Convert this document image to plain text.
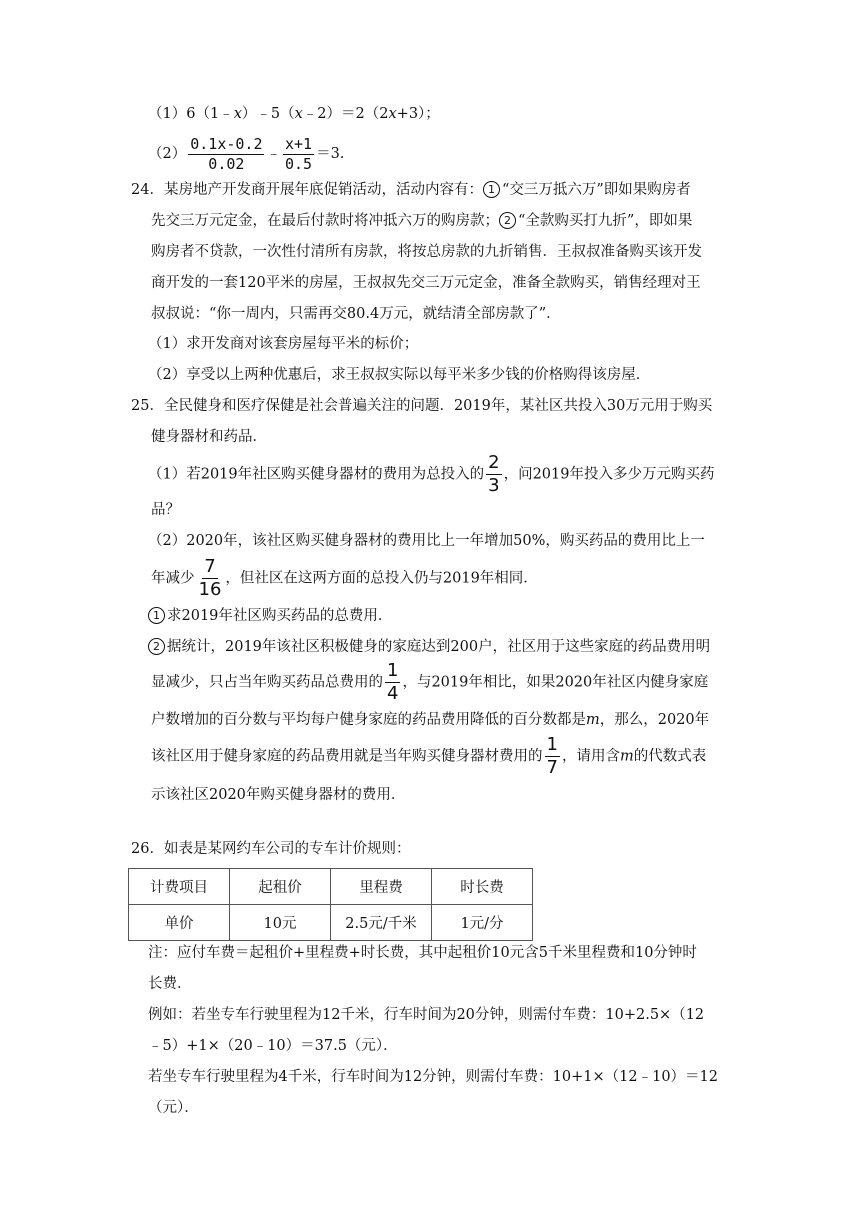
（1）6（1﹣x）﹣5（x﹣2）＝2（2x+3）；
$(2) \frac{0.1x-0.2}{0.02}$ ﹣ $\frac{x+1}{0.5} =3$.
24．某房地产开发商开展年底促销活动，活动内容有： 1 “交三万抵六万”即如果购房者
先交三万元定金，在最后付款时将冲抵六万的购房款； 2 “全款购买打九折”，即如果
购房者不贷款，一次性付清所有房款，将按总房款的九折销售．王叔叔准备购买该开发
商开发的一套120平米的房屋，王叔叔先交三万元定金，准备全款购买，销售经理对王
叔叔说：“你一周内，只需再交80.4万元，就结清全部房款了”．
（1）求开发商对该套房屋每平米的标价；
（2）享受以上两种优惠后，求王叔叔实际以每平米多少钱的价格购得该房屋．
25．全民健身和医疗保健是社会普遍关注的问题．2019年，某社区共投入30万元用于购买
健身器材和药品．
（1）若2019年社区购买健身器材的费用为总投入的 $\frac{2}{3}$ ，问2019年投入多少万元购买药
品？
（2）2020年，该社区购买健身器材的费用比上一年增加50%，购买药品的费用比上一
年减少 $\frac{7}{16}$ ，但社区在这两方面的总投入仍与2019年相同．
1 求2019年社区购买药品的总费用．
2 据统计，2019年该社区积极健身的家庭达到200户，社区用于这些家庭的药品费用明
显减少，只占当年购买药品总费用的 $\frac{1}{4}$ ，与2019年相比，如果2020年社区内健身家庭
户数增加的百分数与平均每户健身家庭的药品费用降低的百分数都是m，那么，2020年
该社区用于健身家庭的药品费用就是当年购买健身器材费用的 $\frac{1}{7}$ ，请用含m的代数式表
示该社区2020年购买健身器材的费用．
26．如表是某网约车公司的专车计价规则：
计费项目	起租价	里程费	时长费
单价	10元	2.5元/千米	1元/分
注：应付车费＝起租价+里程费+时长费，其中起租价10元含5千米里程费和10分钟时
长费．
例如：若坐专车行驶里程为12千米，行车时间为20分钟，则需付车费：10+2.5×（12
﹣5）+1×（20﹣10）＝37.5（元）．
若坐专车行驶里程为4千米，行车时间为12分钟，则需付车费：10+1×（12﹣10）＝12
（元）．
